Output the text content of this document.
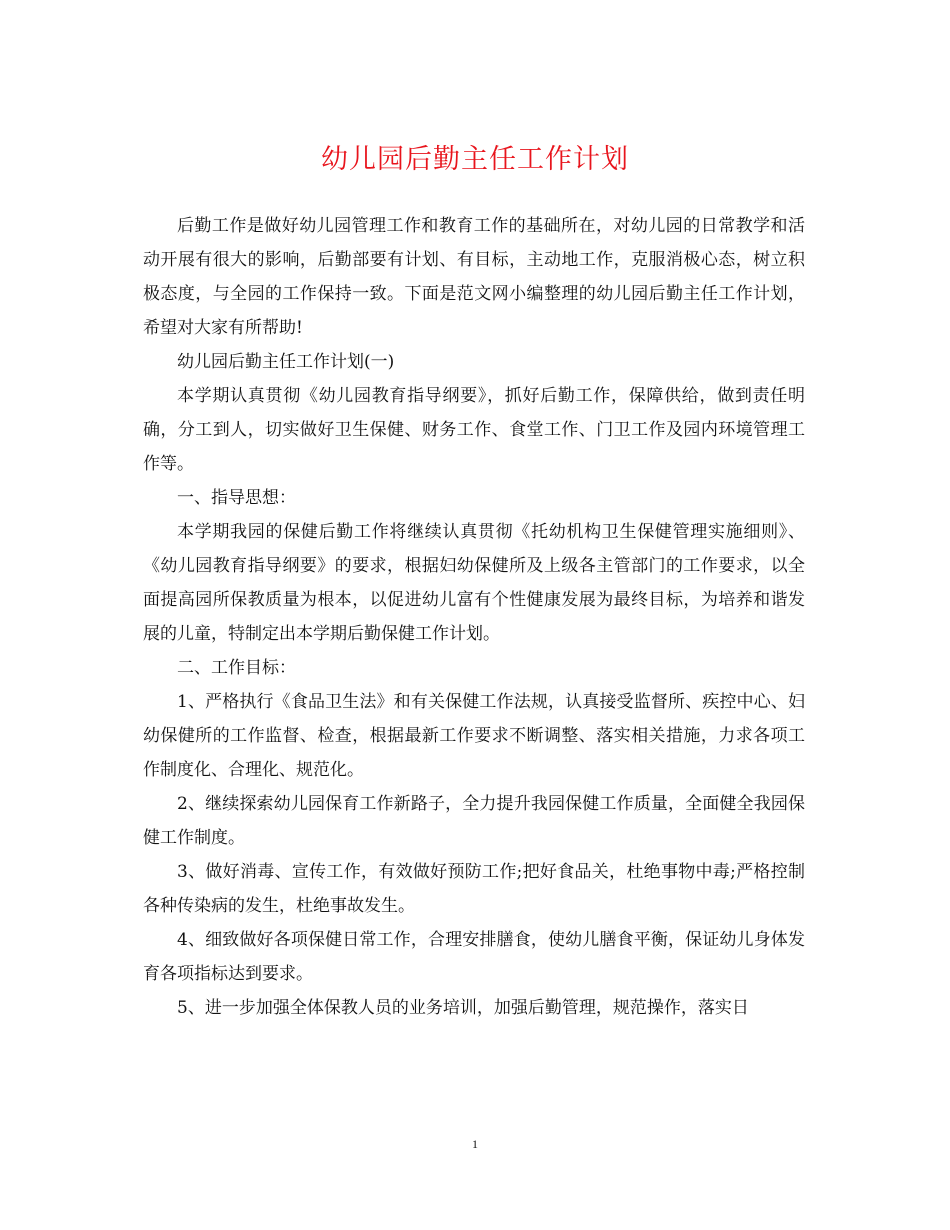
幼儿园后勤主任工作计划

后勤工作是做好幼儿园管理工作和教育工作的基础所在，对幼儿园的日常教学和活动开展有很大的影响，后勤部要有计划、有目标，主动地工作，克服消极心态，树立积极态度，与全园的工作保持一致。下面是范文网小编整理的幼儿园后勤主任工作计划，希望对大家有所帮助!

幼儿园后勤主任工作计划(一)

本学期认真贯彻《幼儿园教育指导纲要》，抓好后勤工作，保障供给，做到责任明确，分工到人，切实做好卫生保健、财务工作、食堂工作、门卫工作及园内环境管理工作等。

一、指导思想：

本学期我园的保健后勤工作将继续认真贯彻《托幼机构卫生保健管理实施细则》、《幼儿园教育指导纲要》的要求，根据妇幼保健所及上级各主管部门的工作要求，以全面提高园所保教质量为根本，以促进幼儿富有个性健康发展为最终目标，为培养和谐发展的儿童，特制定出本学期后勤保健工作计划。

二、工作目标：

1、严格执行《食品卫生法》和有关保健工作法规，认真接受监督所、疾控中心、妇幼保健所的工作监督、检查，根据最新工作要求不断调整、落实相关措施，力求各项工作制度化、合理化、规范化。

2、继续探索幼儿园保育工作新路子，全力提升我园保健工作质量，全面健全我园保健工作制度。

3、做好消毒、宣传工作，有效做好预防工作;把好食品关，杜绝事物中毒;严格控制各种传染病的发生，杜绝事故发生。

4、细致做好各项保健日常工作，合理安排膳食，使幼儿膳食平衡，保证幼儿身体发育各项指标达到要求。

5、进一步加强全体保教人员的业务培训，加强后勤管理，规范操作，落实日

1
